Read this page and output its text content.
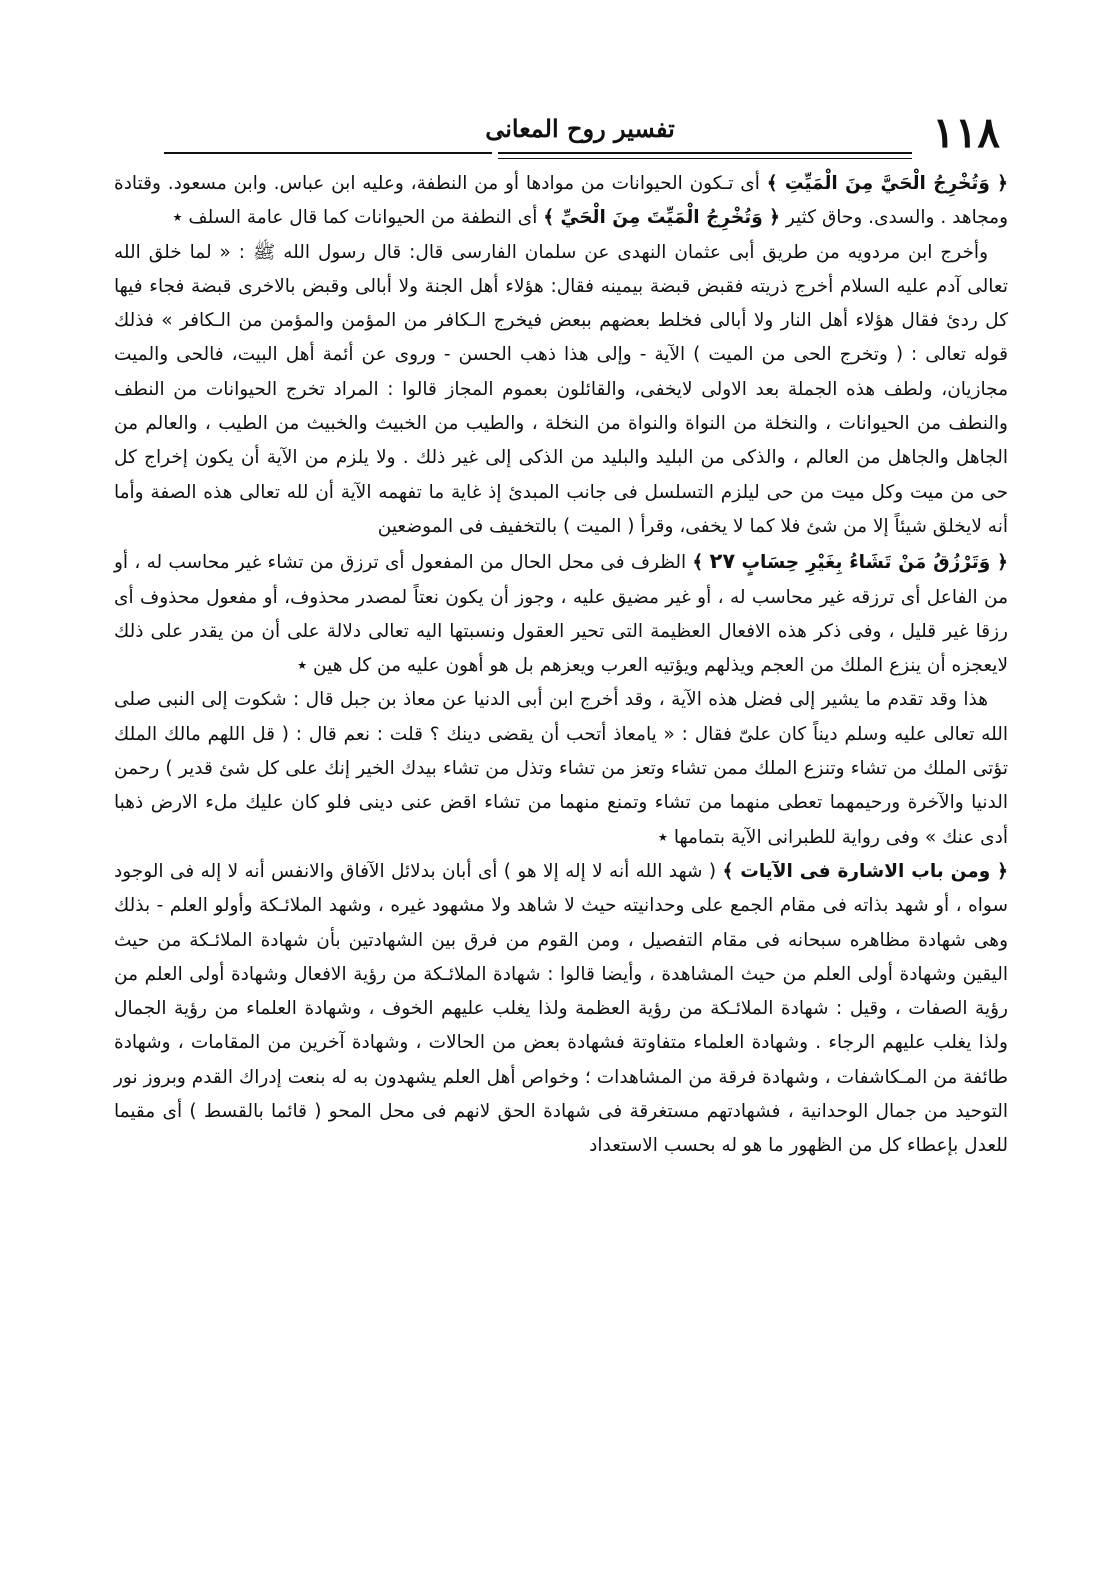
١١٨
تفسير روح المعانى

﴿ وَتُخْرِجُ الْحَيَّ مِنَ الْمَيِّتِ ﴾ أى تـكون الحيوانات من موادها أو من النطفة، وعليه ابن عباس. وابن مسعود. وقتادة ومجاهد . والسدى. وحاق كثير ﴿ وَتُخْرِجُ الْمَيِّتَ مِنَ الْحَيِّ ﴾ أى النطفة من الحيوانات كما قال عامة السلف ٭

وأخرج ابن مردويه من طريق أبى عثمان النهدى عن سلمان الفارسى قال: قال رسول الله ﷺ : « لما خلق الله تعالى آدم عليه السلام أخرج ذريته فقبض قبضة بيمينه فقال: هؤلاء أهل الجنة ولا أبالى وقبض بالاخرى قبضة فجاء فيها كل ردئ فقال هؤلاء أهل النار ولا أبالى فخلط بعضهم ببعض فيخرج الـكافر من المؤمن والمؤمن من الـكافر » فذلك قوله تعالى : ( وتخرج الحى من الميت ) الآية - وإلى هذا ذهب الحسن - وروى عن أئمة أهل البيت، فالحى والميت مجازيان، ولطف هذه الجملة بعد الاولى لايخفى، والقائلون بعموم المجاز قالوا : المراد تخرج الحيوانات من النطف والنطف من الحيوانات ، والنخلة من النواة والنواة من النخلة ، والطيب من الخبيث والخبيث من الطيب ، والعالم من الجاهل والجاهل من العالم ، والذكى من البليد والبليد من الذكى إلى غير ذلك . ولا يلزم من الآية أن يكون إخراج كل حى من ميت وكل ميت من حى ليلزم التسلسل فى جانب المبدئ إذ غاية ما تفهمه الآية أن لله تعالى هذه الصفة وأما أنه لايخلق شيئاً إلا من شئ فلا كما لا يخفى، وقرأ ( الميت ) بالتخفيف فى الموضعين

﴿ وَتَرْزُقُ مَنْ تَشَاءُ بِغَيْرِ حِسَابٍ ٢٧ ﴾ الظرف فى محل الحال من المفعول أى ترزق من تشاء غير محاسب له ، أو من الفاعل أى ترزقه غير محاسب له ، أو غير مضيق عليه ، وجوز أن يكون نعتاً لمصدر محذوف، أو مفعول محذوف أى رزقا غير قليل ، وفى ذكر هذه الافعال العظيمة التى تحير العقول ونسبتها اليه تعالى دلالة على أن من يقدر على ذلك لايعجزه أن ينزع الملك من العجم ويذلهم ويؤتيه العرب ويعزهم بل هو أهون عليه من كل هين ٭

هذا وقد تقدم ما يشير إلى فضل هذه الآية ، وقد أخرج ابن أبى الدنيا عن معاذ بن جبل قال : شكوت إلى النبى صلى الله تعالى عليه وسلم ديناً كان علىّ فقال : « يامعاذ أتحب أن يقضى دينك ؟ قلت : نعم قال : ( قل اللهم مالك الملك تؤتى الملك من تشاء وتنزع الملك ممن تشاء وتعز من تشاء وتذل من تشاء بيدك الخير إنك على كل شئ قدير ) رحمن الدنيا والآخرة ورحيمهما تعطى منهما من تشاء وتمنع منهما من تشاء اقض عنى دينى فلو كان عليك ملء الارض ذهبا أدى عنك » وفى رواية للطبرانى الآية بتمامها ٭

﴿ ومن باب الاشارة فى الآيات ﴾ ( شهد الله أنه لا إله إلا هو ) أى أبان بدلائل الآفاق والانفس أنه لا إله فى الوجود سواه ، أو شهد بذاته فى مقام الجمع على وحدانيته حيث لا شاهد ولا مشهود غيره ، وشهد الملائـكة وأولو العلم - بذلك وهى شهادة مظاهره سبحانه فى مقام التفصيل ، ومن القوم من فرق بين الشهادتين بأن شهادة الملائـكة من حيث اليقين وشهادة أولى العلم من حيث المشاهدة ، وأيضا قالوا : شهادة الملائـكة من رؤية الافعال وشهادة أولى العلم من رؤية الصفات ، وقيل : شهادة الملائـكة من رؤية العظمة ولذا يغلب عليهم الخوف ، وشهادة العلماء من رؤية الجمال ولذا يغلب عليهم الرجاء . وشهادة العلماء متفاوتة فشهادة بعض من الحالات ، وشهادة آخرين من المقامات ، وشهادة طائفة من المـكاشفات ، وشهادة فرقة من المشاهدات ؛ وخواص أهل العلم يشهدون به له بنعت إدراك القدم وبروز نور التوحيد من جمال الوحدانية ، فشهادتهم مستغرقة فى شهادة الحق لانهم فى محل المحو ( قائما بالقسط ) أى مقيما للعدل بإعطاء كل من الظهور ما هو له بحسب الاستعداد
